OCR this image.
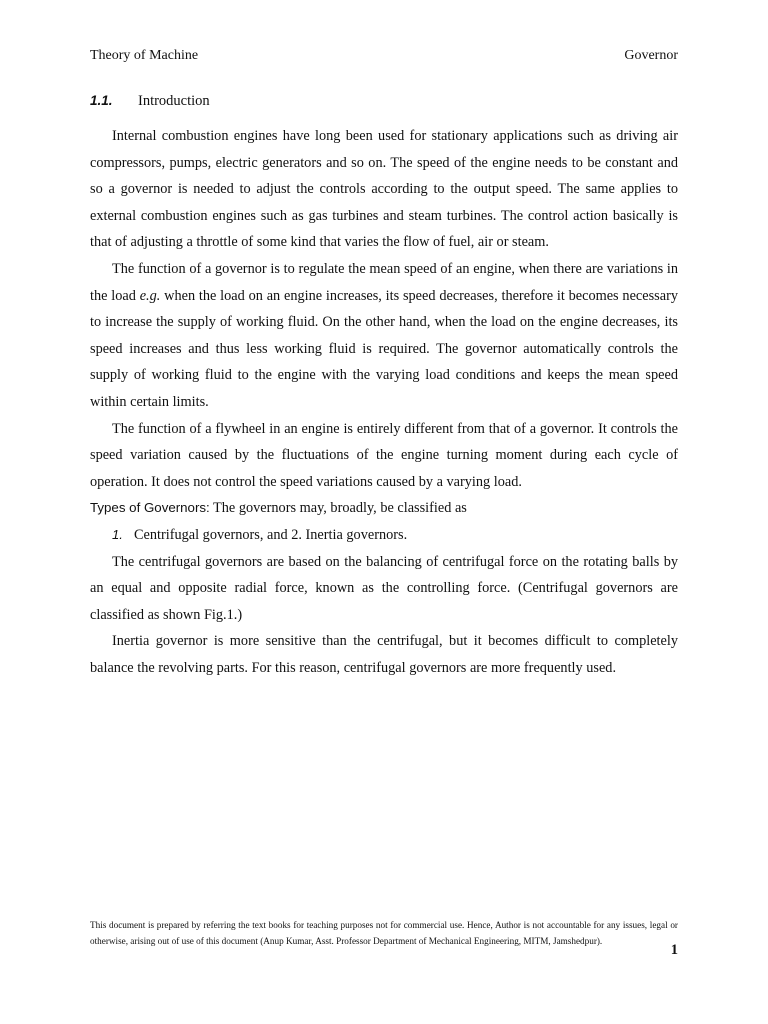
Theory of Machine	Governor
1.1. Introduction

Internal combustion engines have long been used for stationary applications such as driving air compressors, pumps, electric generators and so on. The speed of the engine needs to be constant and so a governor is needed to adjust the controls according to the output speed. The same applies to external combustion engines such as gas turbines and steam turbines. The control action basically is that of adjusting a throttle of some kind that varies the flow of fuel, air or steam.

The function of a governor is to regulate the mean speed of an engine, when there are variations in the load e.g. when the load on an engine increases, its speed decreases, therefore it becomes necessary to increase the supply of working fluid. On the other hand, when the load on the engine decreases, its speed increases and thus less working fluid is required. The governor automatically controls the supply of working fluid to the engine with the varying load conditions and keeps the mean speed within certain limits.

The function of a flywheel in an engine is entirely different from that of a governor. It controls the speed variation caused by the fluctuations of the engine turning moment during each cycle of operation. It does not control the speed variations caused by a varying load.

Types of Governors: The governors may, broadly, be classified as

1. Centrifugal governors, and 2. Inertia governors.

The centrifugal governors are based on the balancing of centrifugal force on the rotating balls by an equal and opposite radial force, known as the controlling force. (Centrifugal governors are classified as shown Fig.1.)

Inertia governor is more sensitive than the centrifugal, but it becomes difficult to completely balance the revolving parts. For this reason, centrifugal governors are more frequently used.

This document is prepared by referring the text books for teaching purposes not for commercial use. Hence, Author is not accountable for any issues, legal or otherwise, arising out of use of this document (Anup Kumar, Asst. Professor Department of Mechanical Engineering, MITM, Jamshedpur).
1
